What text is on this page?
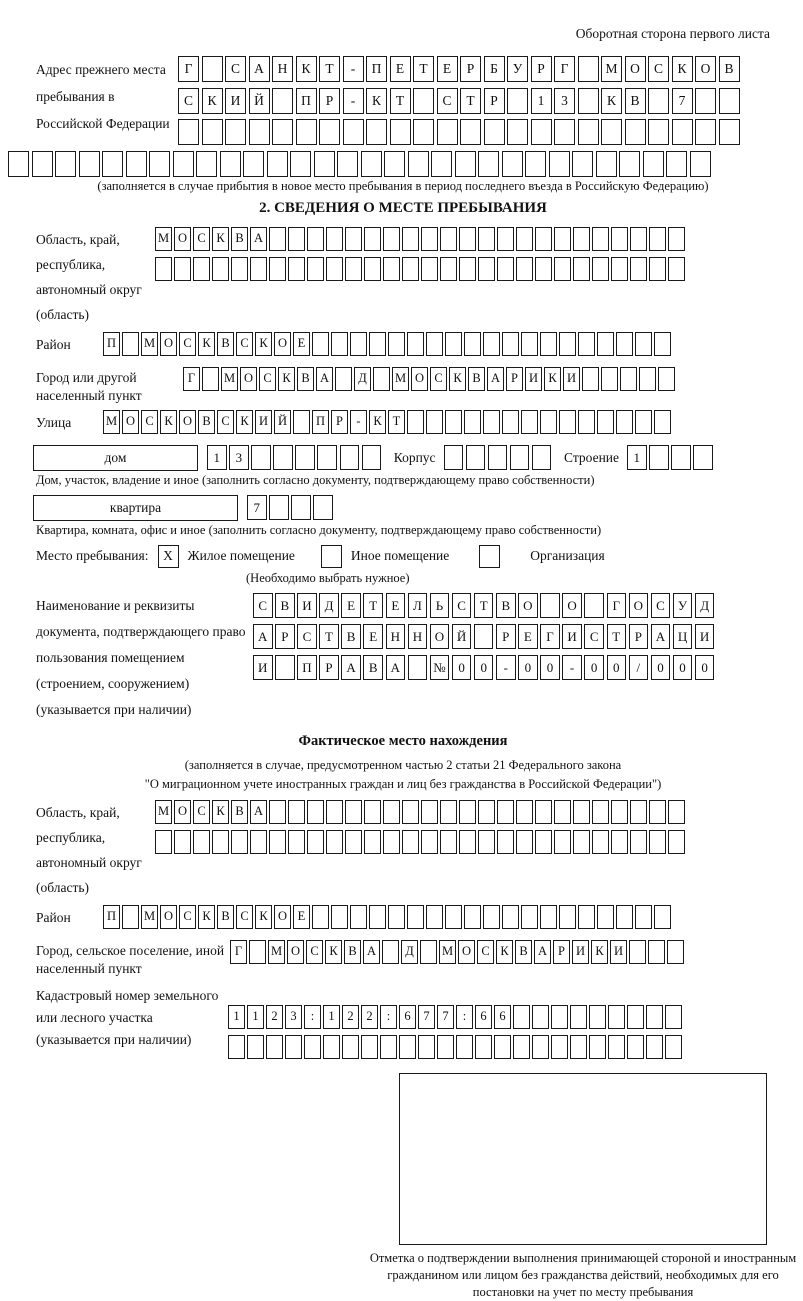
Оборотная сторона первого листа
Адрес прежнего места пребывания в Российской Федерации
Г	С	А	Н	К	Т	-	П	Е	Т	Е	Р	Б	У	Р	Г	М О	С	К	О	В
С	К	И	Й	П	Р	-	К	Т	С	Т	Р	1	3	К	В	7
(заполняется в случае прибытия в новое место пребывания в период последнего въезда в Российскую Федерацию)
2. СВЕДЕНИЯ О МЕСТЕ ПРЕБЫВАНИЯ
Область, край, республика, автономный округ (область)
М О С К В А
Район	П	М О С К В С К О Е
Город или другой населенный пункт
Г	М О С К В А	Д	М О С К В А Р И К И
Улица	М О С К О В С К И Й	П Р	-	К Т
дом	1	3	Корпус	Строение	1
Дом, участок, владение и иное (заполнить согласно документу, подтверждающему право собственности)
квартира	7
Квартира, комната, офис и иное (заполнить согласно документу, подтверждающему право собственности)
Место пребывания:	X	Жилое помещение	Иное помещение	Организация
(Необходимо выбрать нужное)
Наименование и реквизиты документа, подтверждающего право пользования помещением (строением, сооружением) (указывается при наличии)
С	В	И Д	Е	Т	Е	Л	Ь	С	Т	В	О	О	Г	О	С	У	Д
А	Р	С	Т	В	Е	Н Н О Й	Р	Е	Г	И	С	Т	Р	А Ц И
И	П	Р	А	В	А	№ 0	0	-	0	0	-	0	0	/	0	0	0
Фактическое место нахождения
(заполняется в случае, предусмотренном частью 2 статьи 21 Федерального закона
"О миграционном учете иностранных граждан и лиц без гражданства в Российской Федерации")
Область, край, республика, автономный округ (область)
М О С К В А
Район	П	М О С К В С К О Е
Город, сельское поселение, иной населенный пункт
Г	М О С К В А	Д	М О С К В А Р И К И
Кадастровый номер земельного или лесного участка (указывается при наличии)
1	1	2	3	:	1	2	2	:	6	7	7	:	6	6
Отметка о подтверждении выполнения принимающей стороной и иностранным гражданином или лицом без гражданства действий, необходимых для его постановки на учет по месту пребывания
